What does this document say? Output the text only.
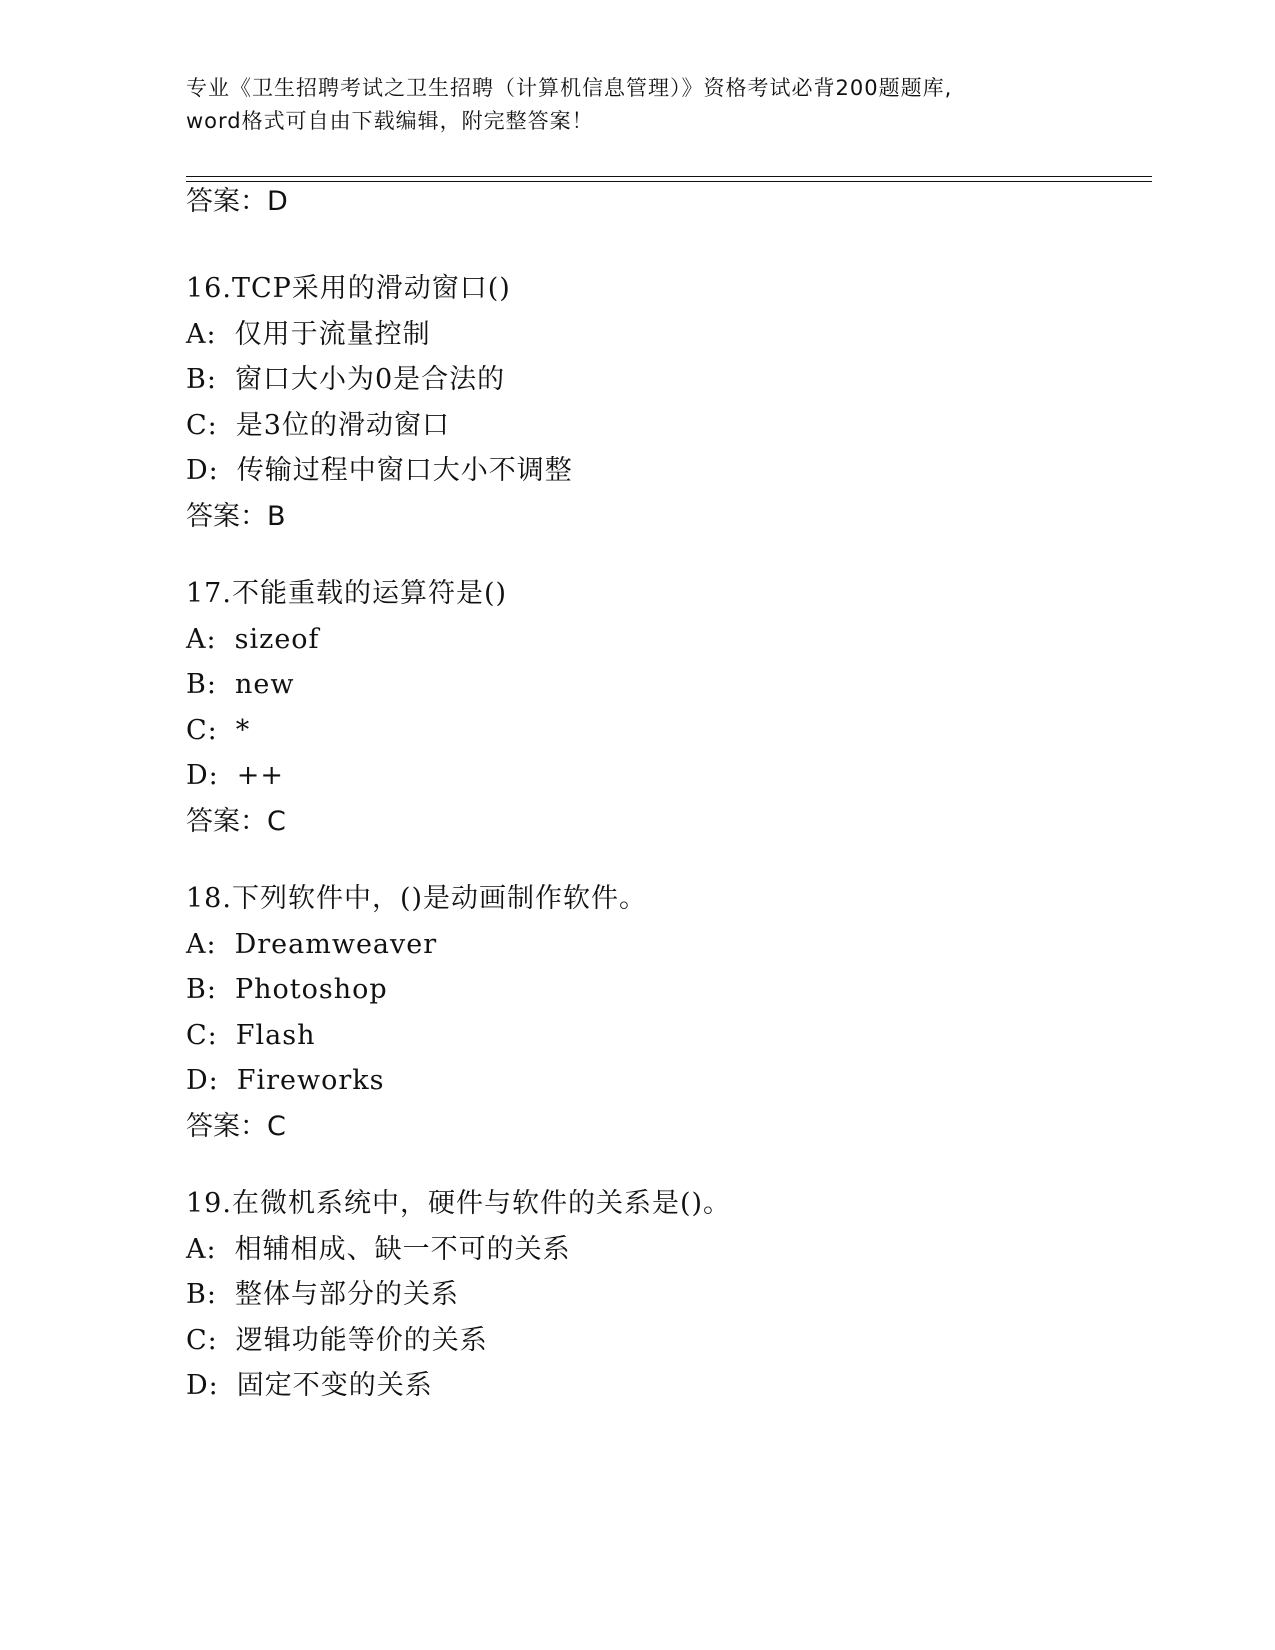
专业《卫生招聘考试之卫生招聘（计算机信息管理）》资格考试必背200题题库,
word格式可自由下载编辑，附完整答案！
答案：D
16.TCP采用的滑动窗口()
A: 仅用于流量控制
B: 窗口大小为0是合法的
C: 是3位的滑动窗口
D: 传输过程中窗口大小不调整
答案：B
17.不能重载的运算符是()
A: sizeof
B: new
C: *
D: ++
答案：C
18.下列软件中，()是动画制作软件。
A: Dreamweaver
B: Photoshop
C: Flash
D: Fireworks
答案：C
19.在微机系统中，硬件与软件的关系是()。
A: 相辅相成、缺一不可的关系
B: 整体与部分的关系
C: 逻辑功能等价的关系
D: 固定不变的关系
